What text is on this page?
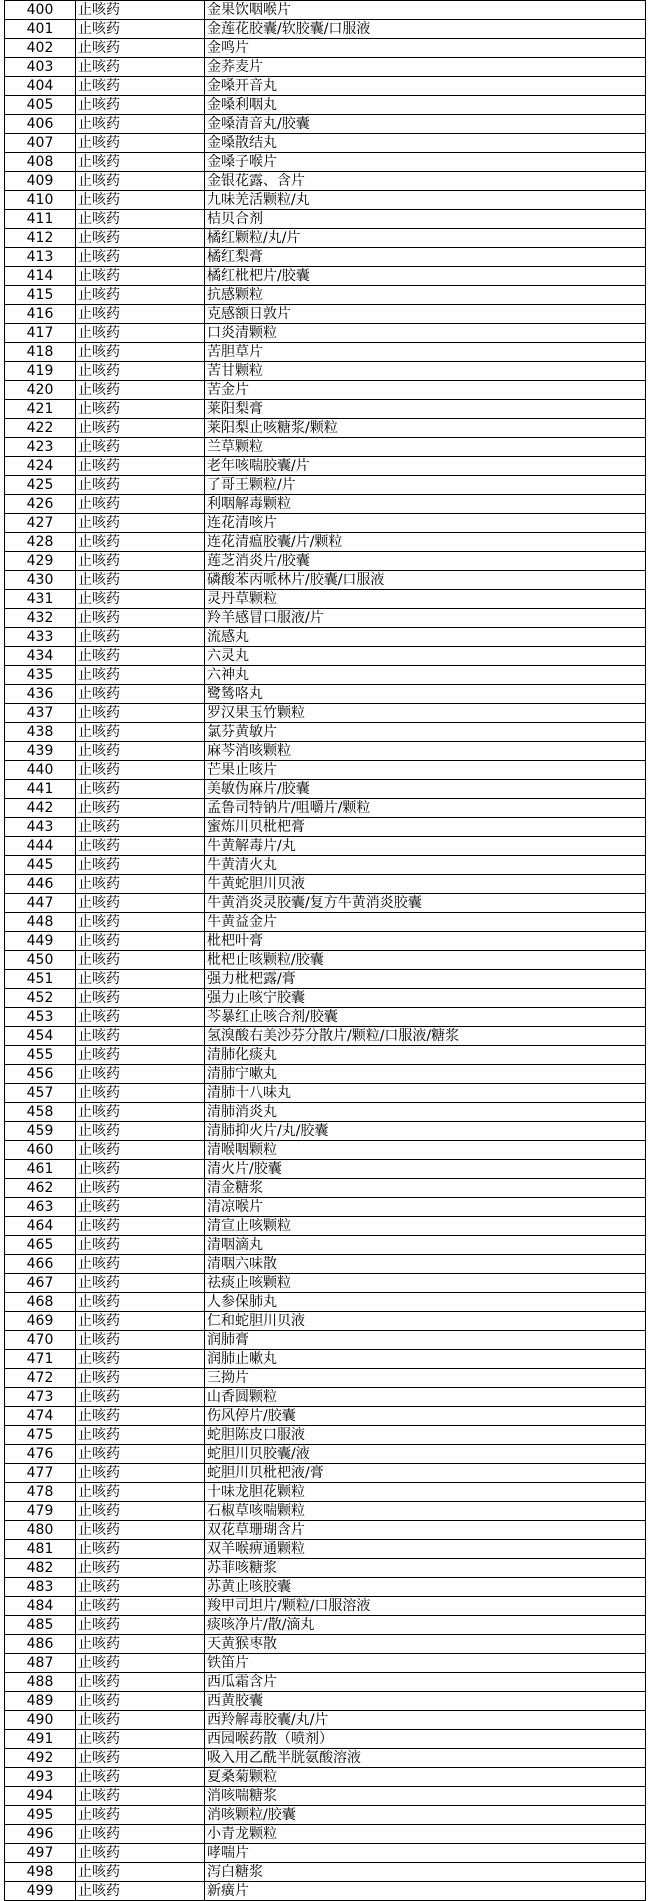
400	止咳药	金果饮咽喉片
401	止咳药	金莲花胶囊/软胶囊/口服液
402	止咳药	金鸣片
403	止咳药	金荞麦片
404	止咳药	金嗓开音丸
405	止咳药	金嗓利咽丸
406	止咳药	金嗓清音丸/胶囊
407	止咳药	金嗓散结丸
408	止咳药	金嗓子喉片
409	止咳药	金银花露、含片
410	止咳药	九味羌活颗粒/丸
411	止咳药	桔贝合剂
412	止咳药	橘红颗粒/丸/片
413	止咳药	橘红梨膏
414	止咳药	橘红枇杷片/胶囊
415	止咳药	抗感颗粒
416	止咳药	克感额日敦片
417	止咳药	口炎清颗粒
418	止咳药	苦胆草片
419	止咳药	苦甘颗粒
420	止咳药	苦金片
421	止咳药	莱阳梨膏
422	止咳药	莱阳梨止咳糖浆/颗粒
423	止咳药	兰草颗粒
424	止咳药	老年咳喘胶囊/片
425	止咳药	了哥王颗粒/片
426	止咳药	利咽解毒颗粒
427	止咳药	连花清咳片
428	止咳药	连花清瘟胶囊/片/颗粒
429	止咳药	莲芝消炎片/胶囊
430	止咳药	磷酸苯丙哌林片/胶囊/口服液
431	止咳药	灵丹草颗粒
432	止咳药	羚羊感冒口服液/片
433	止咳药	流感丸
434	止咳药	六灵丸
435	止咳药	六神丸
436	止咳药	鹭鸶咯丸
437	止咳药	罗汉果玉竹颗粒
438	止咳药	氯芬黄敏片
439	止咳药	麻芩消咳颗粒
440	止咳药	芒果止咳片
441	止咳药	美敏伪麻片/胶囊
442	止咳药	孟鲁司特钠片/咀嚼片/颗粒
443	止咳药	蜜炼川贝枇杷膏
444	止咳药	牛黄解毒片/丸
445	止咳药	牛黄清火丸
446	止咳药	牛黄蛇胆川贝液
447	止咳药	牛黄消炎灵胶囊/复方牛黄消炎胶囊
448	止咳药	牛黄益金片
449	止咳药	枇杷叶膏
450	止咳药	枇杷止咳颗粒/胶囊
451	止咳药	强力枇杷露/膏
452	止咳药	强力止咳宁胶囊
453	止咳药	芩暴红止咳合剂/胶囊
454	止咳药	氢溴酸右美沙芬分散片/颗粒/口服液/糖浆
455	止咳药	清肺化痰丸
456	止咳药	清肺宁嗽丸
457	止咳药	清肺十八味丸
458	止咳药	清肺消炎丸
459	止咳药	清肺抑火片/丸/胶囊
460	止咳药	清喉咽颗粒
461	止咳药	清火片/胶囊
462	止咳药	清金糖浆
463	止咳药	清凉喉片
464	止咳药	清宣止咳颗粒
465	止咳药	清咽滴丸
466	止咳药	清咽六味散
467	止咳药	祛痰止咳颗粒
468	止咳药	人参保肺丸
469	止咳药	仁和蛇胆川贝液
470	止咳药	润肺膏
471	止咳药	润肺止嗽丸
472	止咳药	三拗片
473	止咳药	山香圆颗粒
474	止咳药	伤风停片/胶囊
475	止咳药	蛇胆陈皮口服液
476	止咳药	蛇胆川贝胶囊/液
477	止咳药	蛇胆川贝枇杷液/膏
478	止咳药	十味龙胆花颗粒
479	止咳药	石椒草咳喘颗粒
480	止咳药	双花草珊瑚含片
481	止咳药	双羊喉痹通颗粒
482	止咳药	苏菲咳糖浆
483	止咳药	苏黄止咳胶囊
484	止咳药	羧甲司坦片/颗粒/口服溶液
485	止咳药	痰咳净片/散/滴丸
486	止咳药	天黄猴枣散
487	止咳药	铁笛片
488	止咳药	西瓜霜含片
489	止咳药	西黄胶囊
490	止咳药	西羚解毒胶囊/丸/片
491	止咳药	西园喉药散（喷剂）
492	止咳药	吸入用乙酰半胱氨酸溶液
493	止咳药	夏桑菊颗粒
494	止咳药	消咳喘糖浆
495	止咳药	消咳颗粒/胶囊
496	止咳药	小青龙颗粒
497	止咳药	哮喘片
498	止咳药	泻白糖浆
499	止咳药	新癀片
